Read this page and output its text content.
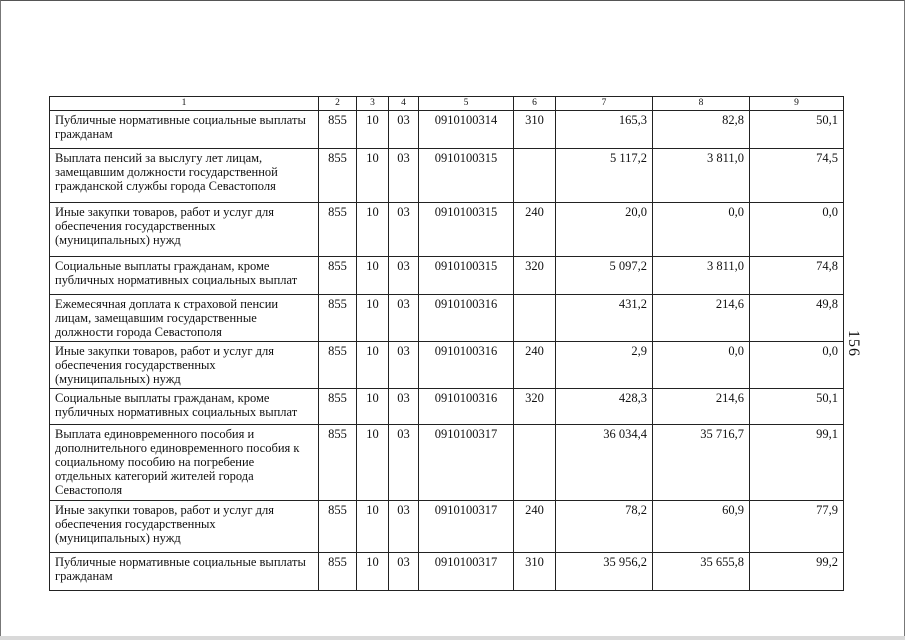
1	2	3	4	5	6	7	8	9
Публичные нормативные социальные выплаты гражданам	855	10	03	0910100314	310	165,3	82,8	50,1
Выплата пенсий за выслугу лет лицам, замещавшим должности государственной гражданской службы города Севастополя	855	10	03	0910100315		5 117,2	3 811,0	74,5
Иные закупки товаров, работ и услуг для обеспечения государственных (муниципальных) нужд	855	10	03	0910100315	240	20,0	0,0	0,0
Социальные выплаты гражданам, кроме публичных нормативных социальных выплат	855	10	03	0910100315	320	5 097,2	3 811,0	74,8
Ежемесячная доплата к страховой пенсии лицам, замещавшим государственные должности города Севастополя	855	10	03	0910100316		431,2	214,6	49,8
Иные закупки товаров, работ и услуг для обеспечения государственных (муниципальных) нужд	855	10	03	0910100316	240	2,9	0,0	0,0
Социальные выплаты гражданам, кроме публичных нормативных социальных выплат	855	10	03	0910100316	320	428,3	214,6	50,1
Выплата единовременного пособия и дополнительного единовременного пособия к социальному пособию на погребение отдельных категорий жителей города Севастополя	855	10	03	0910100317		36 034,4	35 716,7	99,1
Иные закупки товаров, работ и услуг для обеспечения государственных (муниципальных) нужд	855	10	03	0910100317	240	78,2	60,9	77,9
Публичные нормативные социальные выплаты гражданам	855	10	03	0910100317	310	35 956,2	35 655,8	99,2
156
